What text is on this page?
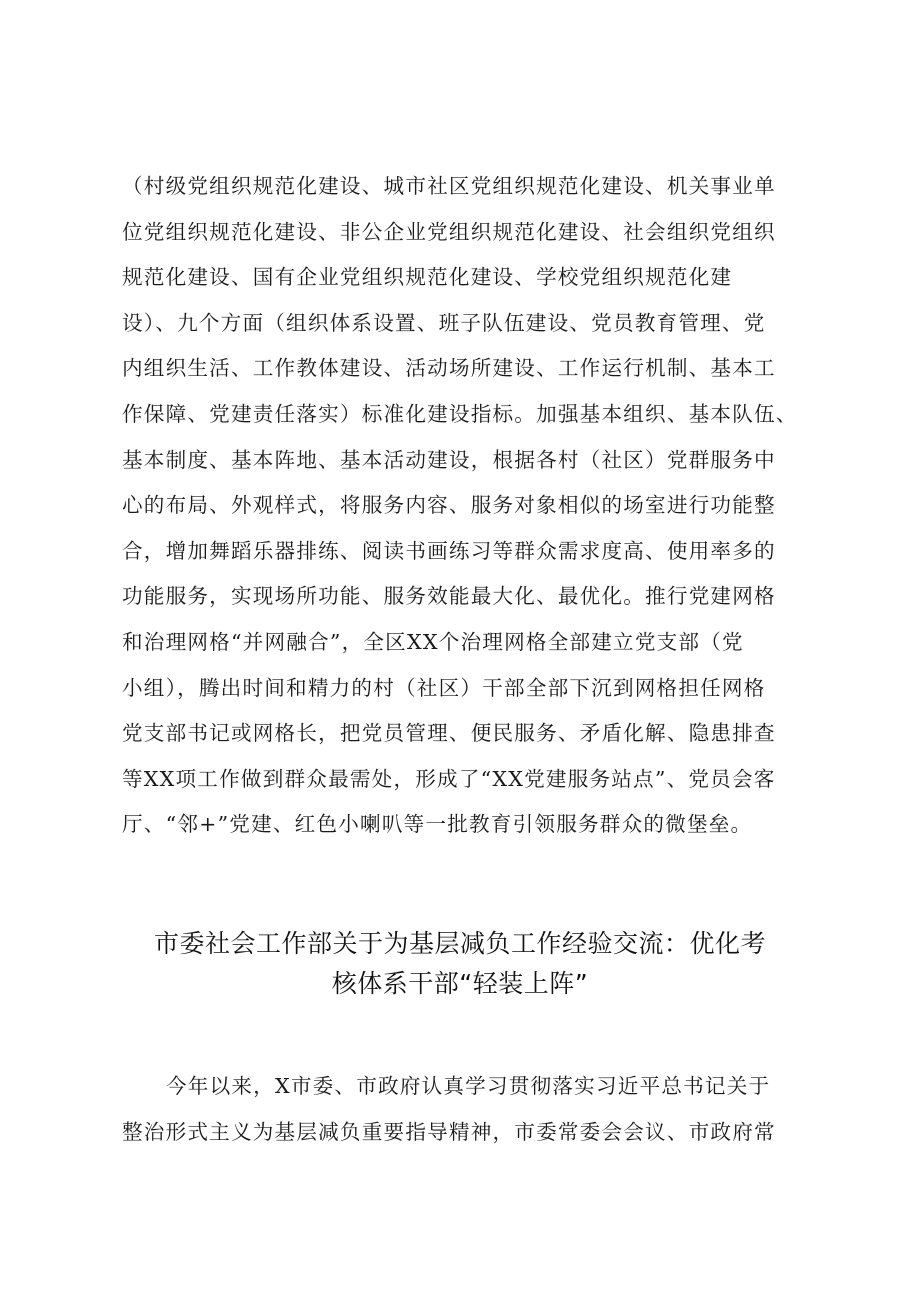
（村级党组织规范化建设、城市社区党组织规范化建设、机关事业单
位党组织规范化建设、非公企业党组织规范化建设、社会组织党组织
规范化建设、国有企业党组织规范化建设、学校党组织规范化建
设）、九个方面（组织体系设置、班子队伍建设、党员教育管理、党
内组织生活、工作教体建设、活动场所建设、工作运行机制、基本工
作保障、党建责任落实）标准化建设指标。加强基本组织、基本队伍、
基本制度、基本阵地、基本活动建设，根据各村（社区）党群服务中
心的布局、外观样式，将服务内容、服务对象相似的场室进行功能整
合，增加舞蹈乐器排练、阅读书画练习等群众需求度高、使用率多的
功能服务，实现场所功能、服务效能最大化、最优化。推行党建网格
和治理网格“并网融合”，全区XX个治理网格全部建立党支部（党
小组），腾出时间和精力的村（社区）干部全部下沉到网格担任网格
党支部书记或网格长，把党员管理、便民服务、矛盾化解、隐患排查
等XX项工作做到群众最需处，形成了“XX党建服务站点”、党员会客
厅、“邻+”党建、红色小喇叭等一批教育引领服务群众的微堡垒。
市委社会工作部关于为基层减负工作经验交流：优化考
核体系干部“轻装上阵”
今年以来，X市委、市政府认真学习贯彻落实习近平总书记关于
整治形式主义为基层减负重要指导精神，市委常委会会议、市政府常
